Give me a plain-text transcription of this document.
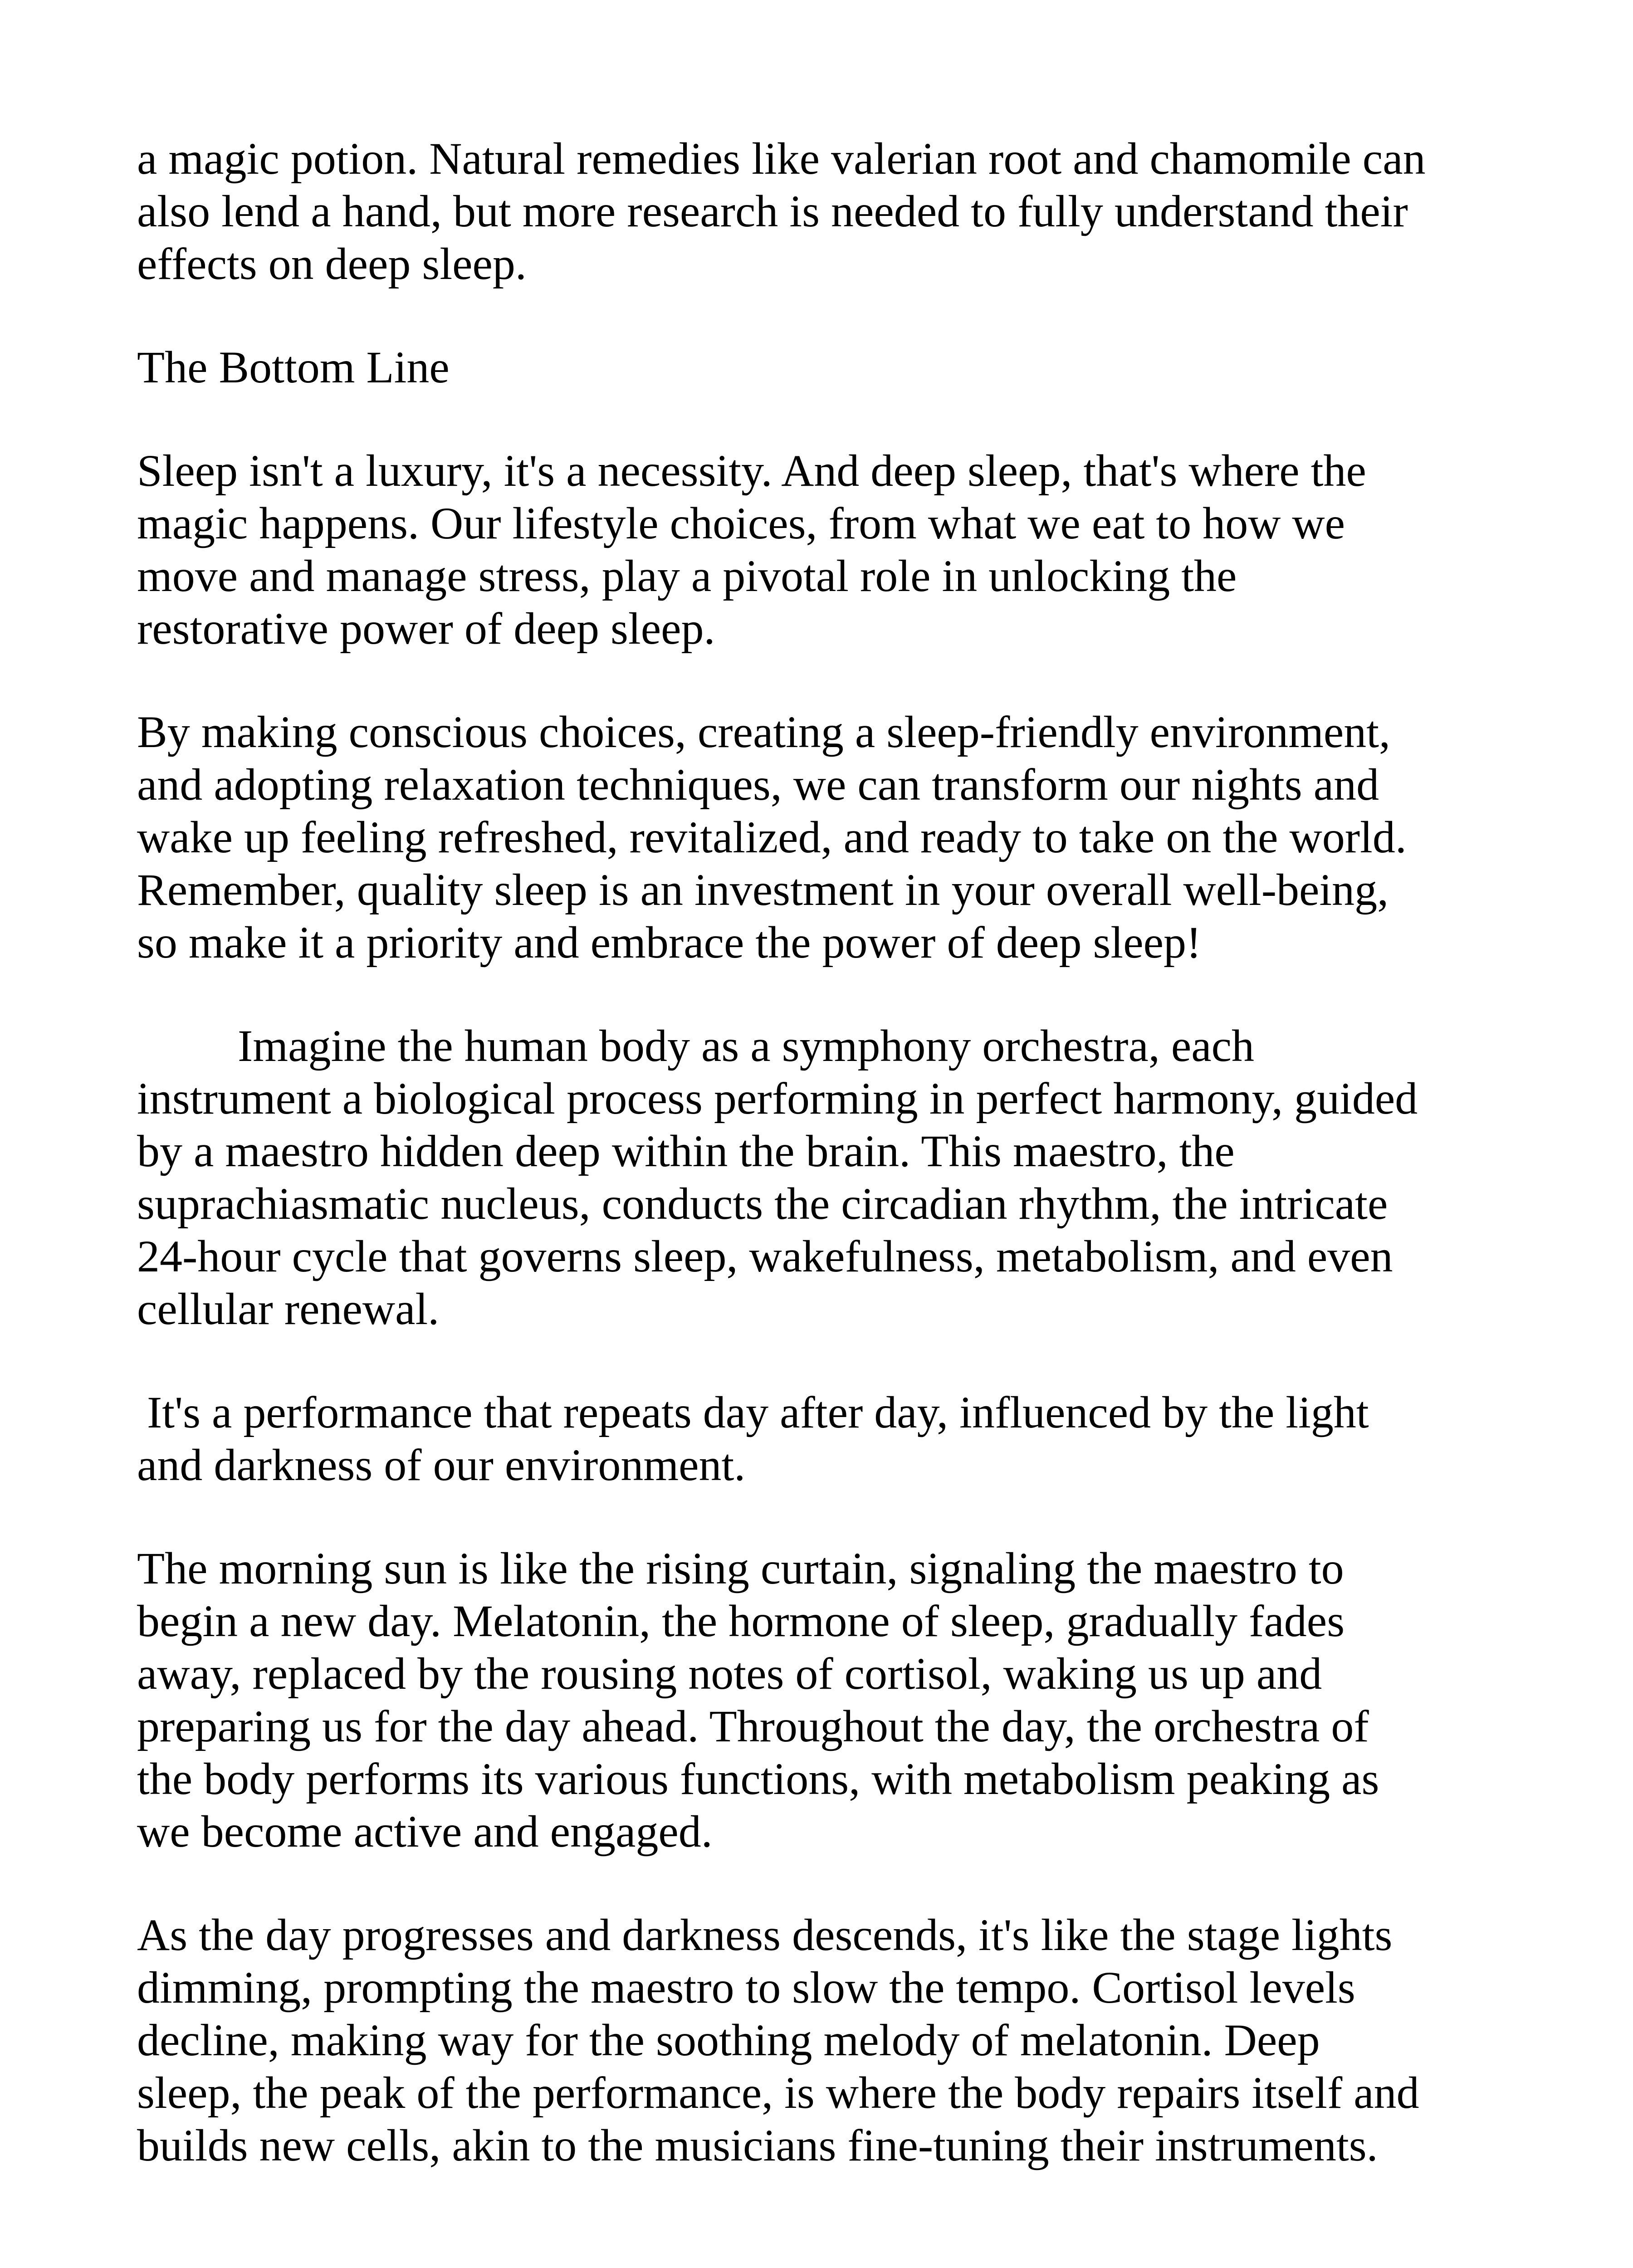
a magic potion. Natural remedies like valerian root and chamomile can
also lend a hand, but more research is needed to fully understand their
effects on deep sleep.

The Bottom Line

Sleep isn't a luxury, it's a necessity. And deep sleep, that's where the
magic happens. Our lifestyle choices, from what we eat to how we
move and manage stress, play a pivotal role in unlocking the
restorative power of deep sleep.

By making conscious choices, creating a sleep-friendly environment,
and adopting relaxation techniques, we can transform our nights and
wake up feeling refreshed, revitalized, and ready to take on the world.
Remember, quality sleep is an investment in your overall well-being,
so make it a priority and embrace the power of deep sleep!

Imagine the human body as a symphony orchestra, each
instrument a biological process performing in perfect harmony, guided
by a maestro hidden deep within the brain. This maestro, the
suprachiasmatic nucleus, conducts the circadian rhythm, the intricate
24-hour cycle that governs sleep, wakefulness, metabolism, and even
cellular renewal.

It's a performance that repeats day after day, influenced by the light
and darkness of our environment.

The morning sun is like the rising curtain, signaling the maestro to
begin a new day. Melatonin, the hormone of sleep, gradually fades
away, replaced by the rousing notes of cortisol, waking us up and
preparing us for the day ahead. Throughout the day, the orchestra of
the body performs its various functions, with metabolism peaking as
we become active and engaged.

As the day progresses and darkness descends, it's like the stage lights
dimming, prompting the maestro to slow the tempo. Cortisol levels
decline, making way for the soothing melody of melatonin. Deep
sleep, the peak of the performance, is where the body repairs itself and
builds new cells, akin to the musicians fine-tuning their instruments.
